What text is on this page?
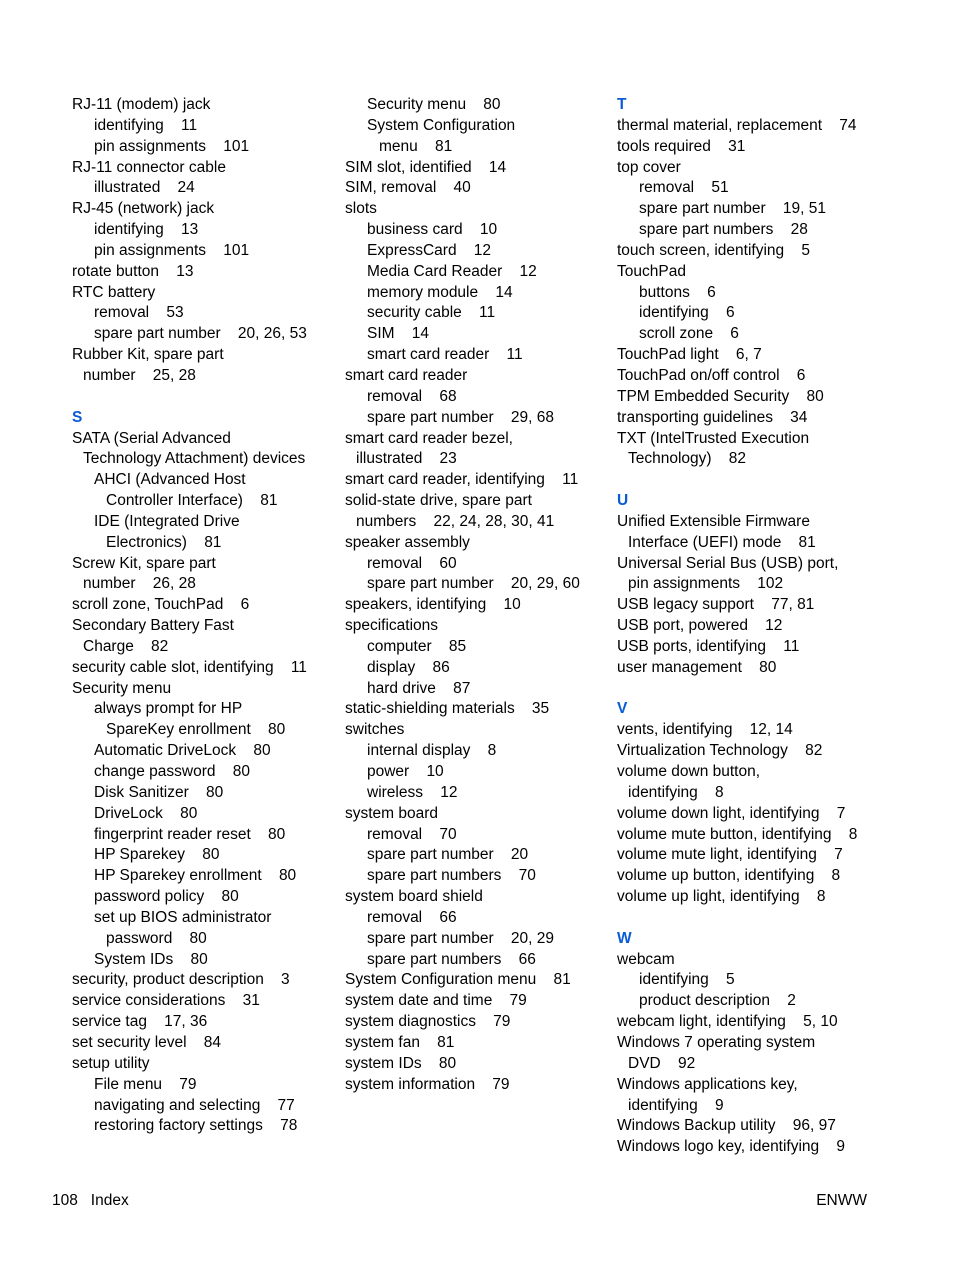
RJ-11 (modem) jack
identifying    11
pin assignments    101
RJ-11 connector cable
illustrated    24
RJ-45 (network) jack
identifying    13
pin assignments    101
rotate button    13
RTC battery
removal    53
spare part number    20, 26, 53
Rubber Kit, spare part
number    25, 28
S
SATA (Serial Advanced
Technology Attachment) devices
AHCI (Advanced Host
Controller Interface)    81
IDE (Integrated Drive
Electronics)    81
Screw Kit, spare part
number    26, 28
scroll zone, TouchPad    6
Secondary Battery Fast
Charge    82
security cable slot, identifying    11
Security menu
always prompt for HP
SpareKey enrollment    80
Automatic DriveLock    80
change password    80
Disk Sanitizer    80
DriveLock    80
fingerprint reader reset    80
HP Sparekey    80
HP Sparekey enrollment    80
password policy    80
set up BIOS administrator
password    80
System IDs    80
security, product description    3
service considerations    31
service tag    17, 36
set security level    84
setup utility
File menu    79
navigating and selecting    77
restoring factory settings    78
Security menu    80
System Configuration
menu    81
SIM slot, identified    14
SIM, removal    40
slots
business card    10
ExpressCard    12
Media Card Reader    12
memory module    14
security cable    11
SIM    14
smart card reader    11
smart card reader
removal    68
spare part number    29, 68
smart card reader bezel,
illustrated    23
smart card reader, identifying    11
solid-state drive, spare part
numbers    22, 24, 28, 30, 41
speaker assembly
removal    60
spare part number    20, 29, 60
speakers, identifying    10
specifications
computer    85
display    86
hard drive    87
static-shielding materials    35
switches
internal display    8
power    10
wireless    12
system board
removal    70
spare part number    20
spare part numbers    70
system board shield
removal    66
spare part number    20, 29
spare part numbers    66
System Configuration menu    81
system date and time    79
system diagnostics    79
system fan    81
system IDs    80
system information    79
T
thermal material, replacement    74
tools required    31
top cover
removal    51
spare part number    19, 51
spare part numbers    28
touch screen, identifying    5
TouchPad
buttons    6
identifying    6
scroll zone    6
TouchPad light    6, 7
TouchPad on/off control    6
TPM Embedded Security    80
transporting guidelines    34
TXT (IntelTrusted Execution
Technology)    82
U
Unified Extensible Firmware
Interface (UEFI) mode    81
Universal Serial Bus (USB) port,
pin assignments    102
USB legacy support    77, 81
USB port, powered    12
USB ports, identifying    11
user management    80
V
vents, identifying    12, 14
Virtualization Technology    82
volume down button,
identifying    8
volume down light, identifying    7
volume mute button, identifying    8
volume mute light, identifying    7
volume up button, identifying    8
volume up light, identifying    8
W
webcam
identifying    5
product description    2
webcam light, identifying    5, 10
Windows 7 operating system
DVD    92
Windows applications key,
identifying    9
Windows Backup utility    96, 97
Windows logo key, identifying    9
108   Index	ENWW
